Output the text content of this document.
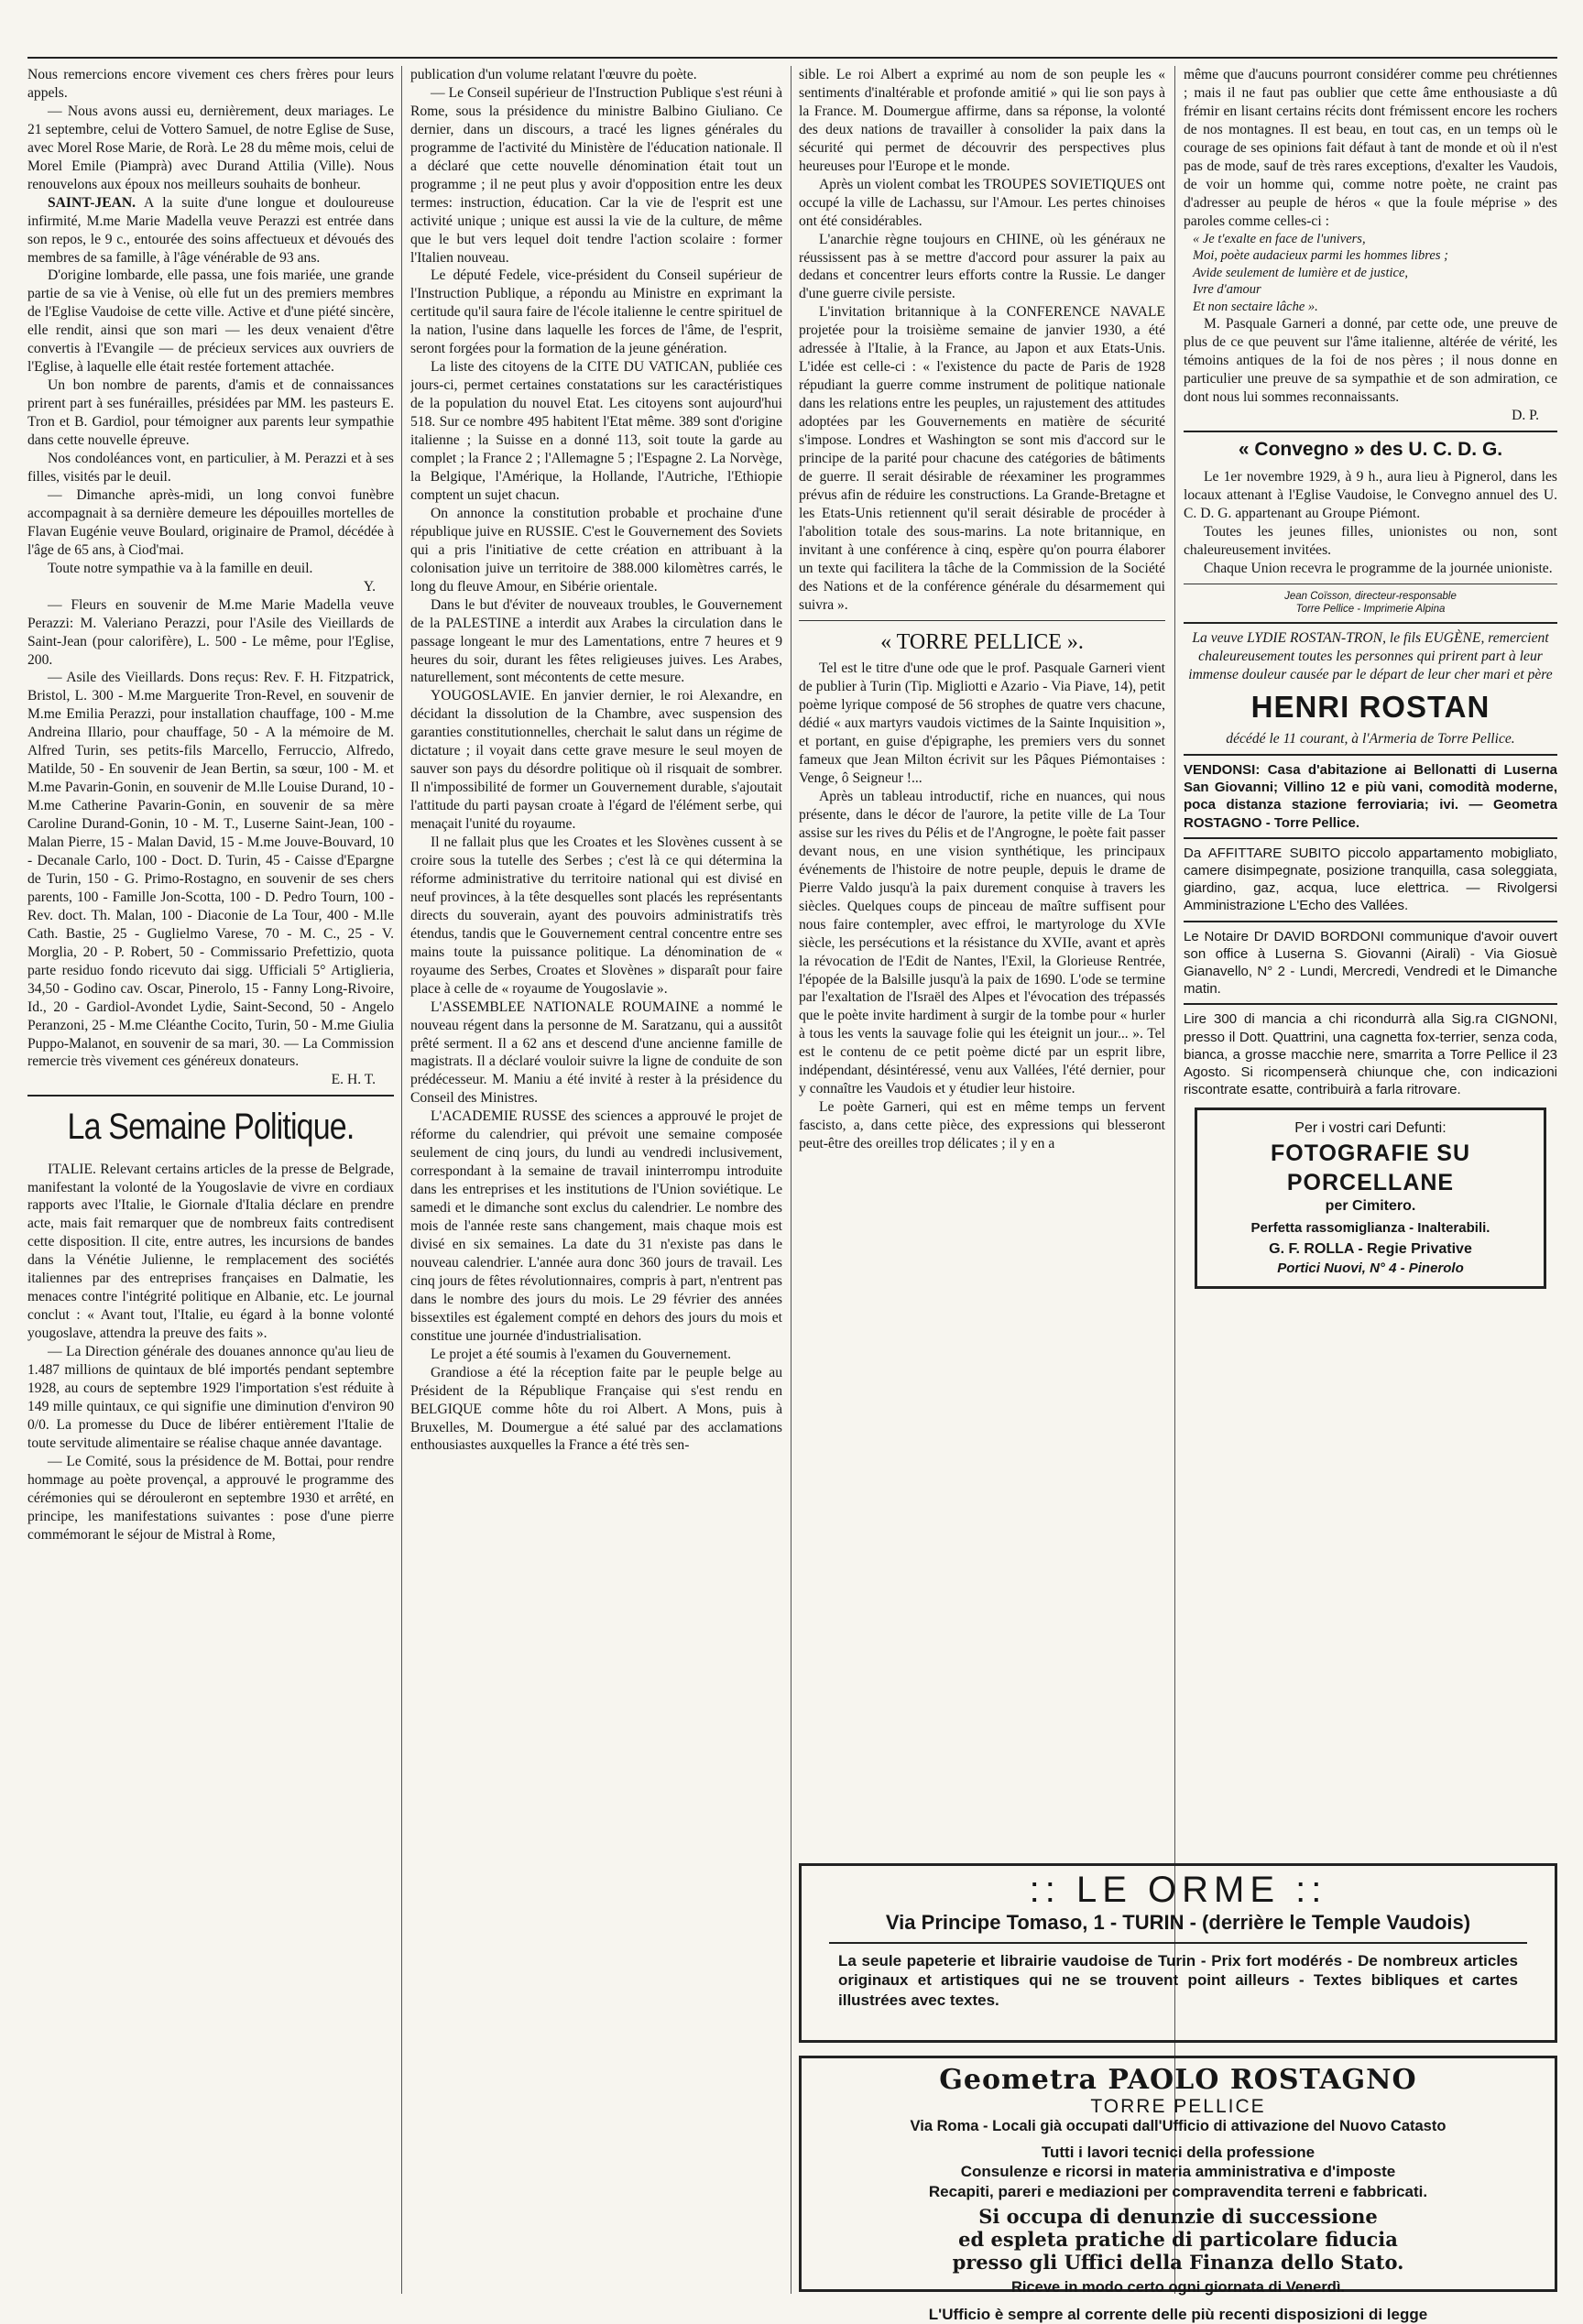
Nous remercions encore vivement ces chers frères pour leurs appels.

— Nous avons aussi eu, dernièrement, deux mariages. Le 21 septembre, celui de Vottero Samuel, de notre Eglise de Suse, avec Morel Rose Marie, de Rorà. Le 28 du même mois, celui de Morel Emile (Piamprà) avec Durand Attilia (Ville). Nous renouvelons aux époux nos meilleurs souhaits de bonheur.

SAINT-JEAN. A la suite d'une longue et douloureuse infirmité, M.me Marie Madella veuve Perazzi est entrée dans son repos, le 9 c., entourée des soins affectueux et dévoués des membres de sa famille, à l'âge vénérable de 93 ans.

D'origine lombarde, elle passa, une fois mariée, une grande partie de sa vie à Venise, où elle fut un des premiers membres de l'Eglise Vaudoise de cette ville. Active et d'une piété sincère, elle rendit, ainsi que son mari — les deux venaient d'être convertis à l'Evangile — de précieux services aux ouvriers de l'Eglise, à laquelle elle était restée fortement attachée.

Un bon nombre de parents, d'amis et de connaissances prirent part à ses funérailles, présidées par MM. les pasteurs E. Tron et B. Gardiol, pour témoigner aux parents leur sympathie dans cette nouvelle épreuve.

Nos condoléances vont, en particulier, à M. Perazzi et à ses filles, visités par le deuil.

— Dimanche après-midi, un long convoi funèbre accompagnait à sa dernière demeure les dépouilles mortelles de Flavan Eugénie veuve Boulard, originaire de Pramol, décédée à l'âge de 65 ans, à Ciod'mai.

Toute notre sympathie va à la famille en deuil.

Y.

— Fleurs en souvenir de M.me Marie Madella veuve Perazzi: M. Valeriano Perazzi, pour l'Asile des Vieillards de Saint-Jean (pour calorifère), L. 500 - Le même, pour l'Eglise, 200.

— Asile des Vieillards. Dons reçus: Rev. F. H. Fitzpatrick, Bristol, L. 300 - M.me Marguerite Tron-Revel, en souvenir de M.me Emilia Perazzi, pour installation chauffage, 100 - M.me Andreina Illario, pour chauffage, 50 - A la mémoire de M. Alfred Turin, ses petits-fils Marcello, Ferruccio, Alfredo, Matilde, 50 - En souvenir de Jean Bertin, sa sœur, 100 - M. et M.me Pavarin-Gonin, en souvenir de M.lle Louise Durand, 10 - M.me Catherine Pavarin-Gonin, en souvenir de sa mère Caroline Durand-Gonin, 10 - M. T., Luserne Saint-Jean, 100 - Malan Pierre, 15 - Malan David, 15 - M.me Jouve-Bouvard, 10 - Decanale Carlo, 100 - Doct. D. Turin, 45 - Caisse d'Epargne de Turin, 150 - G. Primo-Rostagno, en souvenir de ses chers parents, 100 - Famille Jon-Scotta, 100 - D. Pedro Tourn, 100 - Rev. doct. Th. Malan, 100 - Diaconie de La Tour, 400 - M.lle Cath. Bastie, 25 - Guglielmo Varese, 70 - M. C., 25 - V. Morglia, 20 - P. Robert, 50 - Commissario Prefettizio, quota parte residuo fondo ricevuto dai sigg. Ufficiali 5° Artiglieria, 34,50 - Godino cav. Oscar, Pinerolo, 15 - Fanny Long-Rivoire, Id., 20 - Gardiol-Avondet Lydie, Saint-Second, 50 - Angelo Peranzoni, 25 - M.me Cléanthe Cocito, Turin, 50 - M.me Giulia Puppo-Malanot, en souvenir de sa mari, 30. — La Commission remercie très vivement ces généreux donateurs.

E. H. T.
La Semaine Politique.

ITALIE. Relevant certains articles de la presse de Belgrade, manifestant la volonté de la Yougoslavie de vivre en cordiaux rapports avec l'Italie, le Giornale d'Italia déclare en prendre acte, mais fait remarquer que de nombreux faits contredisent cette disposition. Il cite, entre autres, les incursions de bandes dans la Vénétie Julienne, le remplacement des sociétés italiennes par des entreprises françaises en Dalmatie, les menaces contre l'intégrité politique en Albanie, etc. Le journal conclut : « Avant tout, l'Italie, eu égard à la bonne volonté yougoslave, attendra la preuve des faits ».

— La Direction générale des douanes annonce qu'au lieu de 1.487 millions de quintaux de blé importés pendant septembre 1928, au cours de septembre 1929 l'importation s'est réduite à 149 mille quintaux, ce qui signifie une diminution d'environ 90 0/0. La promesse du Duce de libérer entièrement l'Italie de toute servitude alimentaire se réalise chaque année davantage.

— Le Comité, sous la présidence de M. Bottai, pour rendre hommage au poète provençal, a approuvé le programme des cérémonies qui se dérouleront en septembre 1930 et arrêté, en principe, les manifestations suivantes : pose d'une pierre commémorant le séjour de Mistral à Rome,

publication d'un volume relatant l'œuvre du poète.

— Le Conseil supérieur de l'Instruction Publique s'est réuni à Rome, sous la présidence du ministre Balbino Giuliano. Ce dernier, dans un discours, a tracé les lignes générales du programme de l'activité du Ministère de l'éducation nationale. Il a déclaré que cette nouvelle dénomination était tout un programme ; il ne peut plus y avoir d'opposition entre les deux termes: instruction, éducation. Car la vie de l'esprit est une activité unique ; unique est aussi la vie de la culture, de même que le but vers lequel doit tendre l'action scolaire : former l'Italien nouveau.

Le député Fedele, vice-président du Conseil supérieur de l'Instruction Publique, a répondu au Ministre en exprimant la certitude qu'il saura faire de l'école italienne le centre spirituel de la nation, l'usine dans laquelle les forces de l'âme, de l'esprit, seront forgées pour la formation de la jeune génération.

La liste des citoyens de la CITE DU VATICAN, publiée ces jours-ci, permet certaines constatations sur les caractéristiques de la population du nouvel Etat. Les citoyens sont aujourd'hui 518. Sur ce nombre 495 habitent l'Etat même. 389 sont d'origine italienne ; la Suisse en a donné 113, soit toute la garde au complet ; la France 2 ; l'Allemagne 5 ; l'Espagne 2. La Norvège, la Belgique, l'Amérique, la Hollande, l'Autriche, l'Ethiopie comptent un sujet chacun.

On annonce la constitution probable et prochaine d'une république juive en RUSSIE. C'est le Gouvernement des Soviets qui a pris l'initiative de cette création en attribuant à la colonisation juive un territoire de 388.000 kilomètres carrés, le long du fleuve Amour, en Sibérie orientale.

Dans le but d'éviter de nouveaux troubles, le Gouvernement de la PALESTINE a interdit aux Arabes la circulation dans le passage longeant le mur des Lamentations, entre 7 heures et 9 heures du soir, durant les fêtes religieuses juives. Les Arabes, naturellement, sont mécontents de cette mesure.

YOUGOSLAVIE. En janvier dernier, le roi Alexandre, en décidant la dissolution de la Chambre, avec suspension des garanties constitutionnelles, cherchait le salut dans un régime de dictature ; il voyait dans cette grave mesure le seul moyen de sauver son pays du désordre politique où il risquait de sombrer. Il n'impossibilité de former un Gouvernement durable, s'ajoutait l'attitude du parti paysan croate à l'égard de l'élément serbe, qui menaçait l'unité du royaume.

Il ne fallait plus que les Croates et les Slovènes cussent à se croire sous la tutelle des Serbes ; c'est là ce qui détermina la réforme administrative du territoire national qui est divisé en neuf provinces, à la tête desquelles sont placés les représentants directs du souverain, ayant des pouvoirs administratifs très étendus, tandis que le Gouvernement central concentre entre ses mains toute la puissance politique. La dénomination de « royaume des Serbes, Croates et Slovènes » disparaît pour faire place à celle de « royaume de Yougoslavie ».

L'ASSEMBLEE NATIONALE ROUMAINE a nommé le nouveau régent dans la personne de M. Saratzanu, qui a aussitôt prêté serment. Il a 62 ans et descend d'une ancienne famille de magistrats. Il a déclaré vouloir suivre la ligne de conduite de son prédécesseur. M. Maniu a été invité à rester à la présidence du Conseil des Ministres.

L'ACADEMIE RUSSE des sciences a approuvé le projet de réforme du calendrier, qui prévoit une semaine composée seulement de cinq jours, du lundi au vendredi inclusivement, correspondant à la semaine de travail ininterrompu introduite dans les entreprises et les institutions de l'Union soviétique. Le samedi et le dimanche sont exclus du calendrier. Le nombre des mois de l'année reste sans changement, mais chaque mois est divisé en six semaines. La date du 31 n'existe pas dans le nouveau calendrier. L'année aura donc 360 jours de travail. Les cinq jours de fêtes révolutionnaires, compris à part, n'entrent pas dans le nombre des jours du mois. Le 29 février des années bissextiles est également compté en dehors des jours du mois et constitue une journée d'industrialisation.

Le projet a été soumis à l'examen du Gouvernement.

Grandiose a été la réception faite par le peuple belge au Président de la République Française qui s'est rendu en BELGIQUE comme hôte du roi Albert. A Mons, puis à Bruxelles, M. Doumergue a été salué par des acclamations enthousiastes auxquelles la France a été très sen-

sible. Le roi Albert a exprimé au nom de son peuple les « sentiments d'inaltérable et profonde amitié » qui lie son pays à la France. M. Doumergue affirme, dans sa réponse, la volonté des deux nations de travailler à consolider la paix dans la sécurité qui permet de découvrir des perspectives plus heureuses pour l'Europe et le monde.

Après un violent combat les TROUPES SOVIETIQUES ont occupé la ville de Lachassu, sur l'Amour. Les pertes chinoises ont été considérables.

L'anarchie règne toujours en CHINE, où les généraux ne réussissent pas à se mettre d'accord pour assurer la paix au dedans et concentrer leurs efforts contre la Russie. Le danger d'une guerre civile persiste.

L'invitation britannique à la CONFERENCE NAVALE projetée pour la troisième semaine de janvier 1930, a été adressée à l'Italie, à la France, au Japon et aux Etats-Unis. L'idée est celle-ci : « l'existence du pacte de Paris de 1928 répudiant la guerre comme instrument de politique nationale dans les relations entre les peuples, un rajustement des attitudes adoptées par les Gouvernements en matière de sécurité s'impose. Londres et Washington se sont mis d'accord sur le principe de la parité pour chacune des catégories de bâtiments de guerre. Il serait désirable de réexaminer les programmes prévus afin de réduire les constructions. La Grande-Bretagne et les Etats-Unis retiennent qu'il serait désirable de procéder à l'abolition totale des sous-marins. La note britannique, en invitant à une conférence à cinq, espère qu'on pourra élaborer un texte qui facilitera la tâche de la Commission de la Société des Nations et de la conférence générale du désarmement qui suivra ».

« TORRE PELLICE ».

Tel est le titre d'une ode que le prof. Pasquale Garneri vient de publier à Turin (Tip. Migliotti e Azario - Via Piave, 14), petit poème lyrique composé de 56 strophes de quatre vers chacune, dédié « aux martyrs vaudois victimes de la Sainte Inquisition », et portant, en guise d'épigraphe, les premiers vers du sonnet fameux que Jean Milton écrivit sur les Pâques Piémontaises : Venge, ô Seigneur !...

Après un tableau introductif, riche en nuances, qui nous présente, dans le décor de l'aurore, la petite ville de La Tour assise sur les rives du Pélis et de l'Angrogne, le poète fait passer devant nous, en une vision synthétique, les principaux événements de l'histoire de notre peuple, depuis le drame de Pierre Valdo jusqu'à la paix durement conquise à travers les siècles. Quelques coups de pinceau de maître suffisent pour nous faire contempler, avec effroi, le martyrologe du XVIe siècle, les persécutions et la résistance du XVIIe, avant et après la révocation de l'Edit de Nantes, l'Exil, la Glorieuse Rentrée, l'épopée de la Balsille jusqu'à la paix de 1690. L'ode se termine par l'exaltation de l'Israël des Alpes et l'évocation des trépassés que le poète invite hardiment à surgir de la tombe pour « hurler à tous les vents la sauvage folie qui les éteignit un jour... ». Tel est le contenu de ce petit poème dicté par un esprit libre, indépendant, désintéressé, venu aux Vallées, l'été dernier, pour y connaître les Vaudois et y étudier leur histoire.

Le poète Garneri, qui est en même temps un fervent fascisto, a, dans cette pièce, des expressions qui blesseront peut-être des oreilles trop délicates ; il y en a

même que d'aucuns pourront considérer comme peu chrétiennes ; mais il ne faut pas oublier que cette âme enthousiaste a dû frémir en lisant certains récits dont frémissent encore les rochers de nos montagnes. Il est beau, en tout cas, en un temps où le courage de ses opinions fait défaut à tant de monde et où il n'est pas de mode, sauf de très rares exceptions, d'exalter les Vaudois, de voir un homme qui, comme notre poète, ne craint pas d'adresser au peuple de héros « que la foule méprise » des paroles comme celles-ci :

« Je t'exalte en face de l'univers,
Moi, poète audacieux parmi les hommes libres ;
Avide seulement de lumière et de justice,
Ivre d'amour
Et non sectaire lâche ».

M. Pasquale Garneri a donné, par cette ode, une preuve de plus de ce que peuvent sur l'âme italienne, altérée de vérité, les témoins antiques de la foi de nos pères ; il nous donne en particulier une preuve de sa sympathie et de son admiration, ce dont nous lui sommes reconnaissants.

D. P.
« Convegno » des U. C. D. G.

Le 1er novembre 1929, à 9 h., aura lieu à Pignerol, dans les locaux attenant à l'Eglise Vaudoise, le Convegno annuel des U. C. D. G. appartenant au Groupe Piémont.

Toutes les jeunes filles, unionistes ou non, sont chaleureusement invitées.

Chaque Union recevra le programme de la journée unioniste.

Jean Coïsson, directeur-responsable
Torre Pellice - Imprimerie Alpina

La veuve LYDIE ROSTAN-TRON, le fils EUGÈNE, remercient chaleureusement toutes les personnes qui prirent part à leur immense douleur causée par le départ de leur cher mari et père

HENRI ROSTAN

décédé le 11 courant, à l'Armeria de Torre Pellice.

VENDONSI: Casa d'abitazione ai Bellonatti di Luserna San Giovanni; Villino 12 e più vani, comodità moderne, poca distanza stazione ferroviaria; ivi. — Geometra ROSTAGNO - Torre Pellice.

Da AFFITTARE SUBITO piccolo appartamento mobigliato, camere disimpegnate, posizione tranquilla, casa soleggiata, giardino, gaz, acqua, luce elettrica. — Rivolgersi Amministrazione L'Echo des Vallées.

Le Notaire Dr DAVID BORDONI communique d'avoir ouvert son office à Luserna S. Giovanni (Airali) - Via Giosuè Gianavello, N° 2 - Lundi, Mercredi, Vendredi et le Dimanche matin.

Lire 300 di mancia a chi ricondurrà alla Sig.ra CIGNONI, presso il Dott. Quattrini, una cagnetta fox-terrier, senza coda, bianca, a grosse macchie nere, smarrita a Torre Pellice il 23 Agosto. Si ricompenserà chiunque che, con indicazioni riscontrate esatte, contribuirà a farla ritrovare.

Per i vostri cari Defunti:
FOTOGRAFIE SU PORCELLANE
per Cimitero.
Perfetta rassomiglianza - Inalterabili.
G. F. ROLLA - Regie Privative
Portici Nuovi, N° 4 - Pinerolo
:: LE ORME ::
Via Principe Tomaso, 1 - TURIN - (derrière le Temple Vaudois)
La seule papeterie et librairie vaudoise de Turin - Prix fort modérés - De nombreux articles originaux et artistiques qui ne se trouvent point ailleurs - Textes bibliques et cartes illustrées avec textes.
Geometra PAOLO ROSTAGNO
TORRE PELLICE
Via Roma - Locali già occupati dall'Ufficio di attivazione del Nuovo Catasto
Tutti i lavori tecnici della professione
Consulenze e ricorsi in materia amministrativa e d'imposte
Recapiti, pareri e mediazioni per compravendita terreni e fabbricati.
Si occupa di denunzie di successione
ed espleta pratiche di particolare fiducia
presso gli Uffici della Finanza dello Stato.
Riceve in modo certo ogni giornata di Venerdì.
L'Ufficio è sempre al corrente delle più recenti disposizioni di legge
